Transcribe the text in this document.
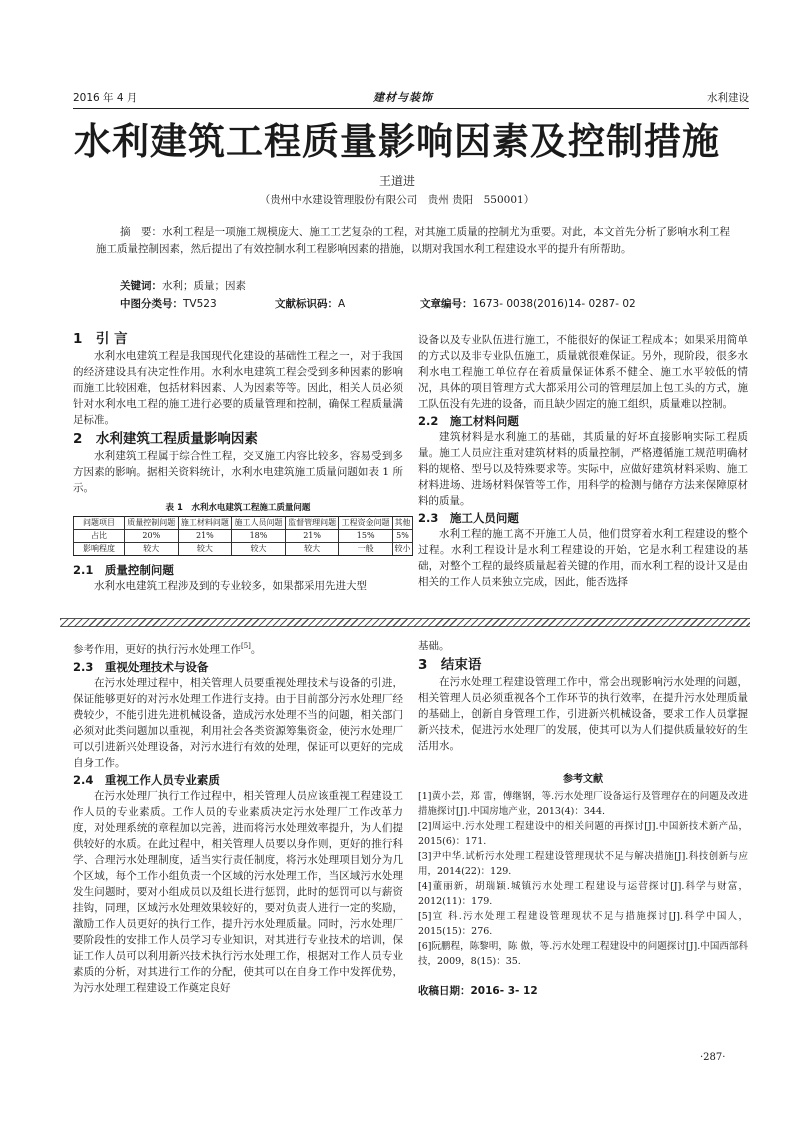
2016 年 4 月	建材与装饰	水利建设
水利建筑工程质量影响因素及控制措施
王道进
（贵州中水建设管理股份有限公司　贵州 贵阳　550001）
摘　要：水利工程是一项施工规模庞大、施工工艺复杂的工程，对其施工质量的控制尤为重要。对此，本文首先分析了影响水利工程施工质量控制因素，然后提出了有效控制水利工程影响因素的措施，以期对我国水利工程建设水平的提升有所帮助。
关键词：水利；质量；因素
中图分类号：TV523	文献标识码：A	文章编号：1673- 0038(2016)14- 0287- 02

1　引 言

水利水电建筑工程是我国现代化建设的基础性工程之一，对于我国的经济建设具有决定性作用。水利水电建筑工程会受到多种因素的影响而施工比较困难，包括材料因素、人为因素等等。因此，相关人员必须针对水利水电工程的施工进行必要的质量管理和控制，确保工程质量满足标准。

2　水利建筑工程质量影响因素

水利建筑工程属于综合性工程，交叉施工内容比较多，容易受到多方因素的影响。据相关资料统计，水利水电建筑施工质量问题如表 1 所示。

表 1　水利水电建筑工程施工质量问题
问题项目	质量控制问题	施工材料问题	施工人员问题	监督管理问题	工程资金问题	其他
占比	20%	21%	18%	21%	15%	5%
影响程度	较大	较大	较大	较大	一般	较小

2.1　质量控制问题

水利水电建筑工程涉及到的专业较多，如果都采用先进大型

设备以及专业队伍进行施工，不能很好的保证工程成本；如果采用简单的方式以及非专业队伍施工，质量就很难保证。另外，现阶段，很多水利水电工程施工单位存在着质量保证体系不健全、施工水平较低的情况，具体的项目管理方式大都采用公司的管理层加上包工头的方式，施工队伍没有先进的设备，而且缺少固定的施工组织，质量难以控制。

2.2　施工材料问题

建筑材料是水利施工的基础，其质量的好坏直接影响实际工程质量。施工人员应注重对建筑材料的质量控制，严格遵循施工规范明确材料的规格、型号以及特殊要求等。实际中，应做好建筑材料采购、施工材料进场、进场材料保管等工作，用科学的检测与储存方法来保障原材料的质量。

2.3　施工人员问题

水利工程的施工离不开施工人员，他们贯穿着水利工程建设的整个过程。水利工程设计是水利工程建设的开始，它是水利工程建设的基础，对整个工程的最终质量起着关键的作用，而水利工程的设计又是由相关的工作人员来独立完成，因此，能否选择

参考作用，更好的执行污水处理工作[5]。

2.3　重视处理技术与设备

在污水处理过程中，相关管理人员要重视处理技术与设备的引进，保证能够更好的对污水处理工作进行支持。由于目前部分污水处理厂经费较少，不能引进先进机械设备，造成污水处理不当的问题，相关部门必须对此类问题加以重视，利用社会各类资源筹集资金，使污水处理厂可以引进新兴处理设备，对污水进行有效的处理，保证可以更好的完成自身工作。

2.4　重视工作人员专业素质

在污水处理厂执行工作过程中，相关管理人员应该重视工程建设工作人员的专业素质。工作人员的专业素质决定污水处理厂工作改革力度，对处理系统的章程加以完善，进而将污水处理效率提升，为人们提供较好的水质。在此过程中，相关管理人员要以身作则，更好的推行科学、合理污水处理制度，适当实行责任制度，将污水处理项目划分为几个区域，每个工作小组负责一个区域的污水处理工作，当区域污水处理发生问题时，要对小组成员以及组长进行惩罚，此时的惩罚可以与薪资挂钩，同理，区域污水处理效果较好的，要对负责人进行一定的奖励，激励工作人员更好的执行工作，提升污水处理质量。同时，污水处理厂要阶段性的安排工作人员学习专业知识，对其进行专业技术的培训，保证工作人员可以利用新兴技术执行污水处理工作，根据对工作人员专业素质的分析，对其进行工作的分配，使其可以在自身工作中发挥优势，为污水处理工程建设工作奠定良好

基础。

3　结束语

在污水处理工程建设管理工作中，常会出现影响污水处理的问题，相关管理人员必须重视各个工作环节的执行效率，在提升污水处理质量的基础上，创新自身管理工作，引进新兴机械设备，要求工作人员掌握新兴技术，促进污水处理厂的发展，使其可以为人们提供质量较好的生活用水。

参考文献

[1]黄小芸，郑 雷，傅继钢，等.污水处理厂设备运行及管理存在的问题及改进措施探讨[J].中国房地产业，2013(4)：344.

[2]周运中.污水处理工程建设中的相关问题的再探讨[J].中国新技术新产品，2015(6)：171.

[3]尹中华.试析污水处理工程建设管理现状不足与解决措施[J].科技创新与应用，2014(22)：129.

[4]董丽新，胡瑞颖.城镇污水处理工程建设与运营探讨[J].科学与财富，2012(11)：179.

[5]宣 科.污水处理工程建设管理现状不足与措施探讨[J].科学中国人，2015(15)：276.

[6]阮鹏程，陈黎明，陈 傲，等.污水处理工程建设中的问题探讨[J].中国西部科技，2009，8(15)：35.

收稿日期：2016- 3- 12

·287·
